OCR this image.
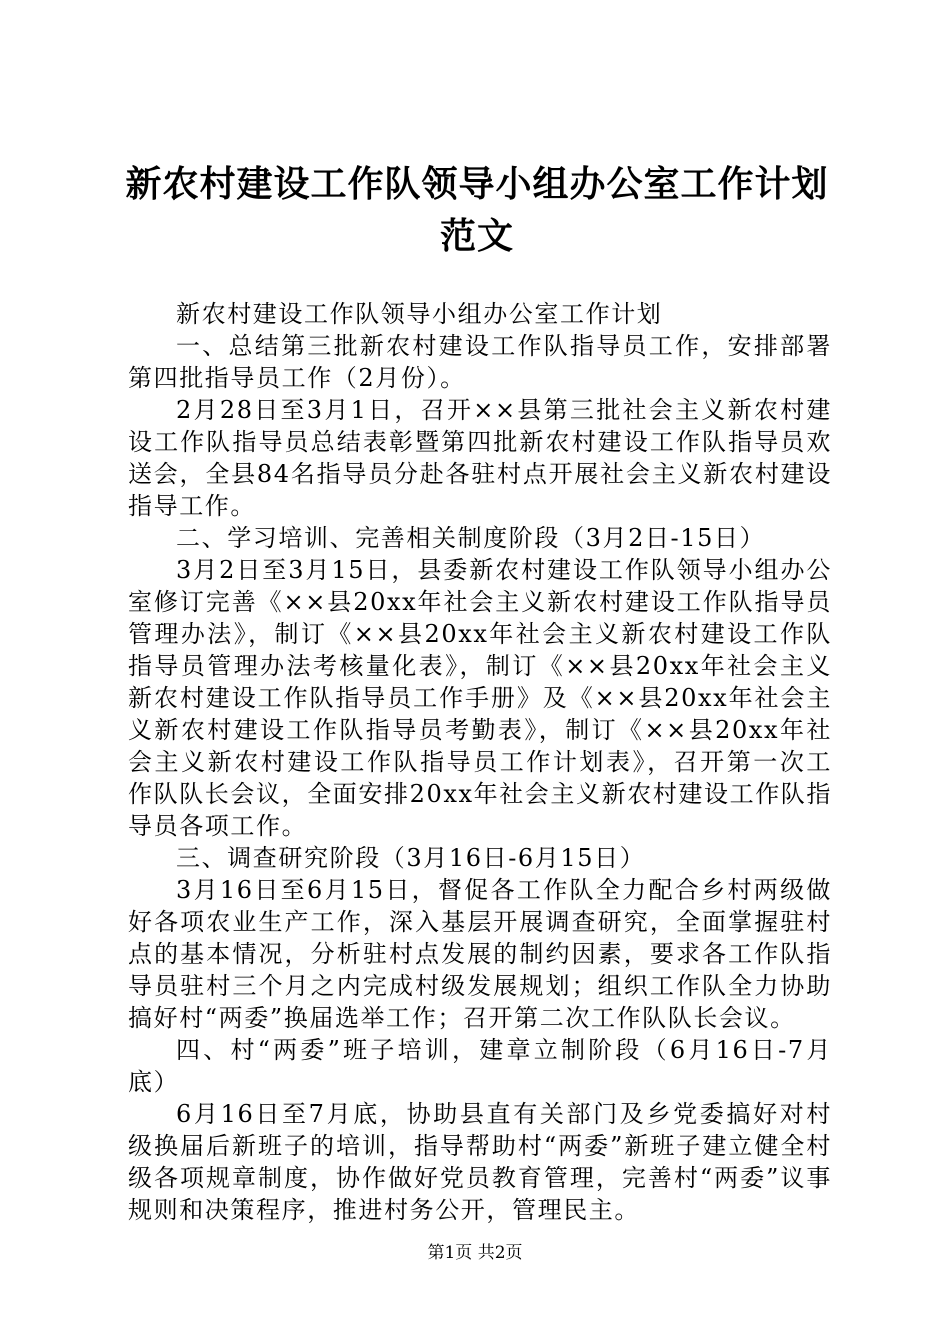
新农村建设工作队领导小组办公室工作计划范文

新农村建设工作队领导小组办公室工作计划

一、总结第三批新农村建设工作队指导员工作，安排部署第四批指导员工作（2月份）。

2月28日至3月1日，召开××县第三批社会主义新农村建设工作队指导员总结表彰暨第四批新农村建设工作队指导员欢送会，全县84名指导员分赴各驻村点开展社会主义新农村建设指导工作。

二、学习培训、完善相关制度阶段（3月2日-15日）

3月2日至3月15日，县委新农村建设工作队领导小组办公室修订完善《××县20xx年社会主义新农村建设工作队指导员管理办法》，制订《××县20xx年社会主义新农村建设工作队指导员管理办法考核量化表》，制订《××县20xx年社会主义新农村建设工作队指导员工作手册》及《××县20xx年社会主义新农村建设工作队指导员考勤表》，制订《××县20xx年社会主义新农村建设工作队指导员工作计划表》，召开第一次工作队队长会议，全面安排20xx年社会主义新农村建设工作队指导员各项工作。

三、调查研究阶段（3月16日-6月15日）

3月16日至6月15日，督促各工作队全力配合乡村两级做好各项农业生产工作，深入基层开展调查研究，全面掌握驻村点的基本情况，分析驻村点发展的制约因素，要求各工作队指导员驻村三个月之内完成村级发展规划；组织工作队全力协助搞好村“两委”换届选举工作；召开第二次工作队队长会议。

四、村“两委”班子培训，建章立制阶段（6月16日-7月底）

6月16日至7月底，协助县直有关部门及乡党委搞好对村级换届后新班子的培训，指导帮助村“两委”新班子建立健全村级各项规章制度，协作做好党员教育管理，完善村“两委”议事规则和决策程序，推进村务公开，管理民主。

第1页 共2页
